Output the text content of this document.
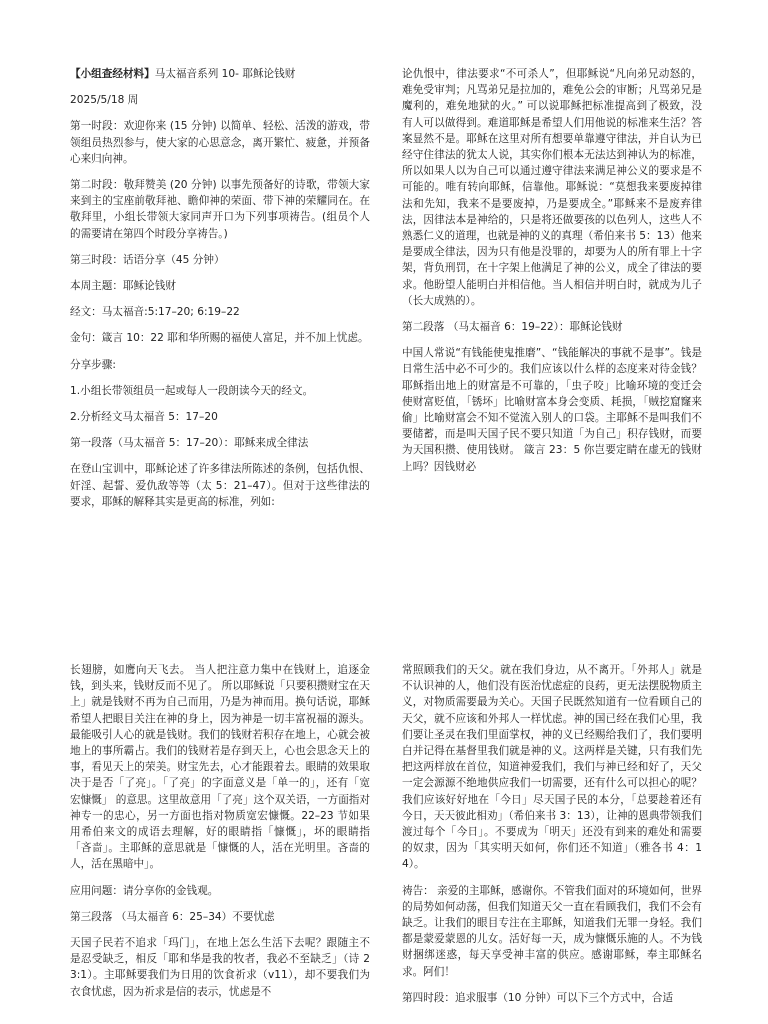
【小组查经材料】马太福音系列 10- 耶稣论钱财

2025/5/18 周

第一时段：欢迎你来 (15 分钟) 以简单、轻松、活泼的游戏，带领组员热烈参与，使大家的心思意念，离开繁忙、疲惫，并预备心来归向神。

第二时段：敬拜赞美 (20 分钟) 以事先预备好的诗歌，带领大家来到主的宝座前敬拜祂、瞻仰神的荣面、带下神的荣耀同在。在敬拜里，小组长带领大家同声开口为下列事项祷告。(组员个人的需要请在第四个时段分享祷告。)

第三时段：话语分享（45 分钟）

本周主题：耶稣论钱财

经文：马太福音:5:17–20; 6:19–22

金句：箴言 10：22 耶和华所赐的福使人富足，并不加上忧虑。

分享步骤:

1.小组长带领组员一起或每人一段朗读今天的经文。

2.分析经文马太福音 5：17–20

第一段落（马太福音 5：17–20）：耶稣来成全律法

在登山宝训中，耶稣论述了许多律法所陈述的条例，包括仇恨、奸淫、起誓、爱仇敌等等（太 5：21–47）。但对于这些律法的要求，耶稣的解释其实是更高的标准，列如:

论仇恨中，律法要求“不可杀人”，但耶稣说“凡向弟兄动怒的，难免受审判；凡骂弟兄是拉加的，难免公会的审断；凡骂弟兄是魔利的，难免地狱的火。” 可以说耶稣把标准提高到了极致，没有人可以做得到。难道耶稣是希望人们用他说的标准来生活？答案显然不是。耶稣在这里对所有想要单靠遵守律法，并自认为已经守住律法的犹太人说，其实你们根本无法达到神认为的标准，所以如果人以为自己可以通过遵守律法来满足神公义的要求是不可能的。唯有转向耶稣，信靠他。耶稣说：“莫想我来要废掉律法和先知，我来不是要废掉，乃是要成全。”耶稣来不是废弃律法，因律法本是神给的，只是将还做要孩的以色列人，这些人不熟悉仁义的道理，也就是神的义的真理（希伯来书 5：13）他来是要成全律法，因为只有他是没罪的，却要为人的所有罪上十字架，背负刑罚，在十字架上他满足了神的公义，成全了律法的要求。他盼望人能明白并相信他。当人相信并明白时，就成为儿子（长大成熟的）。

第二段落 （马太福音 6：19–22）：耶稣论钱财

中国人常说“有钱能使鬼推磨”、“钱能解决的事就不是事”。钱是日常生活中必不可少的。我们应该以什么样的态度来对待金钱？耶稣指出地上的财富是不可靠的，「虫子咬」比喻环境的变迁会使财富贬值，「锈坏」比喻财富本身会变质、耗损，「贼挖窟窿来偷」比喻财富会不知不觉流入别人的口袋。主耶稣不是叫我们不要储蓄，而是叫天国子民不要只知道「为自己」积存钱财，而要为天国积攒、使用钱财。 箴言 23：5 你岂要定睛在虚无的钱财上吗？因钱财必

长翅膀，如鹰向天飞去。 当人把注意力集中在钱财上，追逐金钱，到头来，钱财反而不见了。 所以耶稣说「只要积攒财宝在天上」就是钱财不再为自己而用，乃是为神而用。换句话说，耶稣希望人把眼目关注在神的身上，因为神是一切丰富祝福的源头。最能吸引人心的就是钱财。我们的钱财若积存在地上，心就会被地上的事所霸占。我们的钱财若是存到天上，心也会思念天上的事，看见天上的荣美。财宝先去，心才能跟着去。眼睛的效果取决于是否「了亮」。「了亮」的字面意义是「单一的」，还有「宽宏慷慨」 的意思。这里故意用「了亮」这个双关语，一方面指对神专一的忠心，另一方面也指对物质宽宏慷慨。22–23 节如果用希伯来文的成语去理解，好的眼睛指「慷慨」，坏的眼睛指「吝啬」。主耶稣的意思就是「慷慨的人，活在光明里。吝啬的人，活在黑暗中」。

应用问题：请分享你的金钱观。

第三段落 （马太福音 6：25–34）不要忧虑

天国子民若不追求「玛门」，在地上怎么生活下去呢？跟随主不是忍受缺乏，相反「耶和华是我的牧者，我必不至缺乏」（诗 23:1）。主耶稣要我们为日用的饮食祈求（v11），却不要我们为衣食忧虑，因为祈求是信的表示，忧虑是不

常照顾我们的天父。就在我们身边，从不离开。「外邦人」就是不认识神的人，他们没有医治忧虑症的良药，更无法摆脱物质主义，对物质需要最为关心。天国子民既然知道有一位看顾自己的天父，就不应该和外邦人一样忧虑。神的国已经在我们心里，我们要让圣灵在我们里面掌权，神的义已经赐给我们了，我们要明白并记得在基督里我们就是神的义。这两样是关键，只有我们先把这两样放在首位，知道神爱我们，我们与神已经和好了，天父一定会源源不绝地供应我们一切需要，还有什么可以担心的呢？我们应该好好地在「今日」尽天国子民的本分，「总要趁着还有今日，天天彼此相劝」（希伯来书 3：13），让神的恩典带领我们渡过每个「今日」。不要成为「明天」还没有到来的难处和需要的奴隶，因为「其实明天如何，你们还不知道」（雅各书 4：14）。

祷告： 亲爱的主耶稣，感谢你。不管我们面对的环境如何，世界的局势如何动荡，但我们知道天父一直在看顾我们，我们不会有缺乏。让我们的眼目专注在主耶稣，知道我们无罪一身轻。我们都是蒙爱蒙恩的儿女。活好每一天，成为慷慨乐施的人。不为钱财捆绑迷惑，每天享受神丰富的供应。感谢耶稣，奉主耶稣名求。阿们！

第四时段：追求服事（10 分钟）可以下三个方式中，合适
